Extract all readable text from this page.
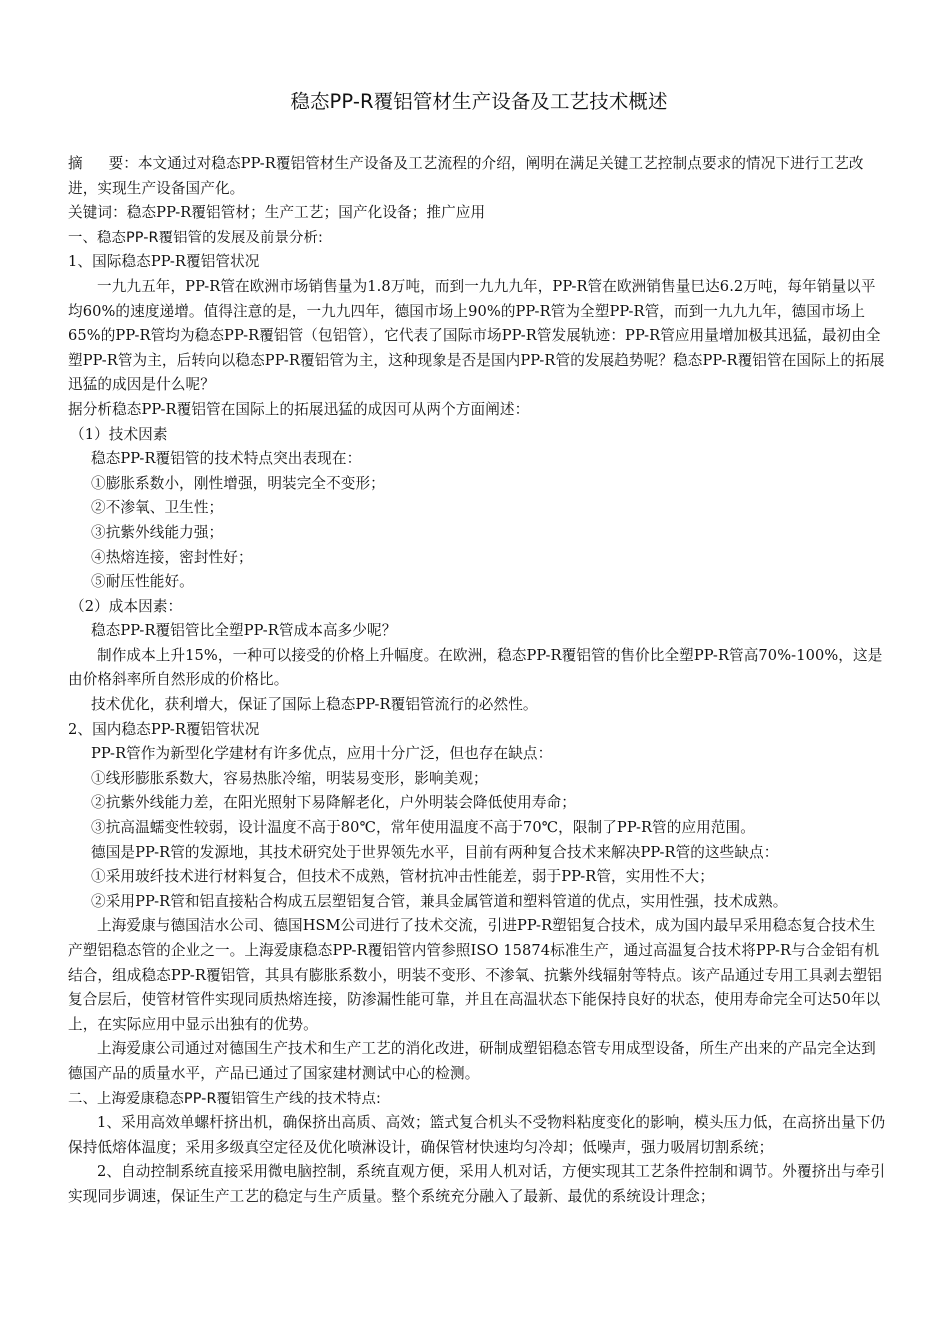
稳态PP-R覆铝管材生产设备及工艺技术概述

摘 要：本文通过对稳态PP-R覆铝管材生产设备及工艺流程的介绍，阐明在满足关键工艺控制点要求的情况下进行工艺改进，实现生产设备国产化。

关键词：稳态PP-R覆铝管材；生产工艺；国产化设备；推广应用

一、稳态PP-R覆铝管的发展及前景分析:

1、国际稳态PP-R覆铝管状况

一九九五年，PP-R管在欧洲市场销售量为1.8万吨，而到一九九九年，PP-R管在欧洲销售量巳达6.2万吨，每年销量以平均60%的速度递增。值得注意的是，一九九四年，德国市场上90%的PP-R管为全塑PP-R管，而到一九九九年，德国市场上65%的PP-R管均为稳态PP-R覆铝管（包铝管），它代表了国际市场PP-R管发展轨迹：PP-R管应用量增加极其迅猛，最初由全塑PP-R管为主，后转向以稳态PP-R覆铝管为主，这种现象是否是国内PP-R管的发展趋势呢？稳态PP-R覆铝管在国际上的拓展迅猛的成因是什么呢？

据分析稳态PP-R覆铝管在国际上的拓展迅猛的成因可从两个方面阐述：

（1）技术因素

稳态PP-R覆铝管的技术特点突出表现在：

①膨胀系数小，刚性增强，明装完全不变形；

②不渗氧、卫生性；

③抗紫外线能力强；

④热熔连接，密封性好；

⑤耐压性能好。

（2）成本因素：

稳态PP-R覆铝管比全塑PP-R管成本高多少呢？

制作成本上升15%，一种可以接受的价格上升幅度。在欧洲，稳态PP-R覆铝管的售价比全塑PP-R管高70%-100%，这是由价格斜率所自然形成的价格比。

技术优化，获利增大，保证了国际上稳态PP-R覆铝管流行的必然性。

2、国内稳态PP-R覆铝管状况

PP-R管作为新型化学建材有许多优点，应用十分广泛，但也存在缺点：

①线形膨胀系数大，容易热胀冷缩，明装易变形，影响美观；

②抗紫外线能力差，在阳光照射下易降解老化，户外明装会降低使用寿命；

③抗高温蠕变性较弱，设计温度不高于80℃，常年使用温度不高于70℃，限制了PP-R管的应用范围。

德国是PP-R管的发源地，其技术研究处于世界领先水平，目前有两种复合技术来解决PP-R管的这些缺点：

①采用玻纤技术进行材料复合，但技术不成熟，管材抗冲击性能差，弱于PP-R管，实用性不大；

②采用PP-R管和铝直接粘合构成五层塑铝复合管，兼具金属管道和塑料管道的优点，实用性强，技术成熟。

上海爱康与德国洁水公司、德国HSM公司进行了技术交流，引进PP-R塑铝复合技术，成为国内最早采用稳态复合技术生产塑铝稳态管的企业之一。上海爱康稳态PP-R覆铝管内管参照ISO 15874标准生产，通过高温复合技术将PP-R与合金铝有机结合，组成稳态PP-R覆铝管，其具有膨胀系数小，明装不变形、不渗氧、抗紫外线辐射等特点。该产品通过专用工具剥去塑铝复合层后，使管材管件实现同质热熔连接，防渗漏性能可靠，并且在高温状态下能保持良好的状态，使用寿命完全可达50年以上，在实际应用中显示出独有的优势。

上海爱康公司通过对德国生产技术和生产工艺的消化改进，研制成塑铝稳态管专用成型设备，所生产出来的产品完全达到德国产品的质量水平，产品已通过了国家建材测试中心的检测。

二、上海爱康稳态PP-R覆铝管生产线的技术特点:

1、采用高效单螺杆挤出机，确保挤出高质、高效；篮式复合机头不受物料粘度变化的影响，模头压力低，在高挤出量下仍保持低熔体温度；采用多级真空定径及优化喷淋设计，确保管材快速均匀冷却；低噪声，强力吸屑切割系统；

2、自动控制系统直接采用微电脑控制，系统直观方便，采用人机对话，方便实现其工艺条件控制和调节。外覆挤出与牵引实现同步调速，保证生产工艺的稳定与生产质量。整个系统充分融入了最新、最优的系统设计理念；
